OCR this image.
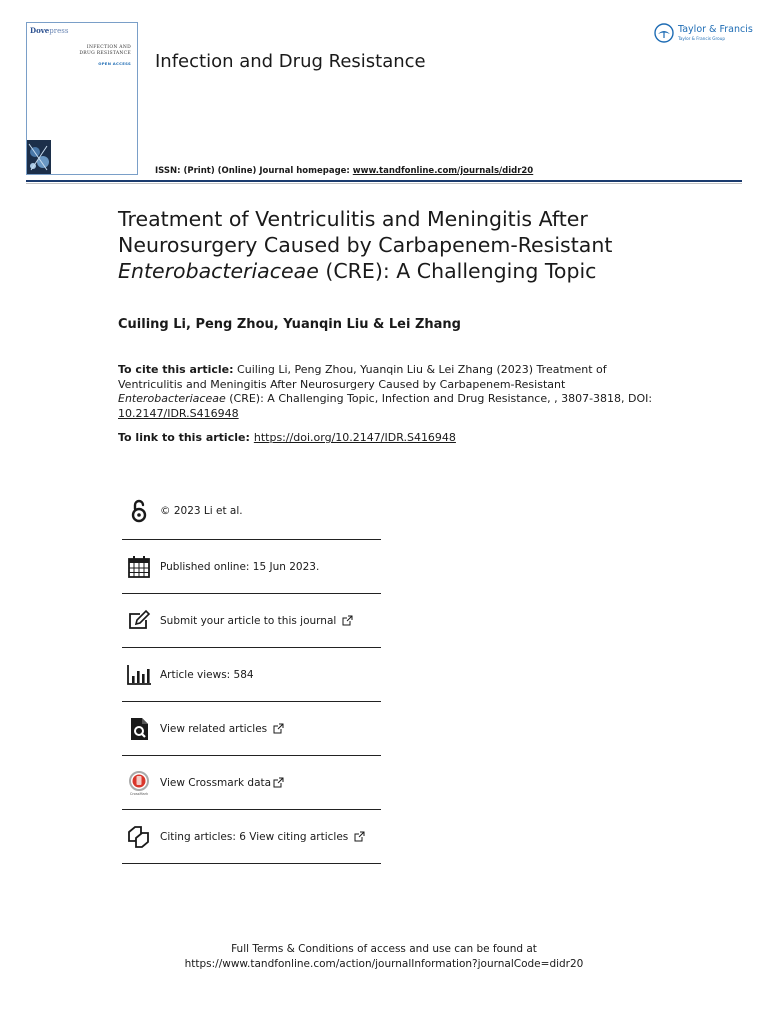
Dovepress
INFECTION AND
DRUG RESISTANCE
OPEN ACCESS Infection and Drug Resistance
Taylor & Francis
Taylor & Francis Group
ISSN: (Print) (Online) Journal homepage: www.tandfonline.com/journals/didr20
Treatment of Ventriculitis and Meningitis After
Neurosurgery Caused by Carbapenem-Resistant
Enterobacteriaceae (CRE): A Challenging Topic
Cuiling Li, Peng Zhou, Yuanqin Liu & Lei Zhang
To cite this article: Cuiling Li, Peng Zhou, Yuanqin Liu & Lei Zhang (2023) Treatment of Ventriculitis and Meningitis After Neurosurgery Caused by Carbapenem-Resistant Enterobacteriaceae (CRE): A Challenging Topic, Infection and Drug Resistance, , 3807-3818, DOI: 10.2147/IDR.S416948
To link to this article: https://doi.org/10.2147/IDR.S416948
© 2023 Li et al.
Published online: 15 Jun 2023.
Submit your article to this journal
Article views: 584
View related articles
CrossMark
View Crossmark data
Citing articles: 6 View citing articles
Full Terms & Conditions of access and use can be found at
https://www.tandfonline.com/action/journalInformation?journalCode=didr20
